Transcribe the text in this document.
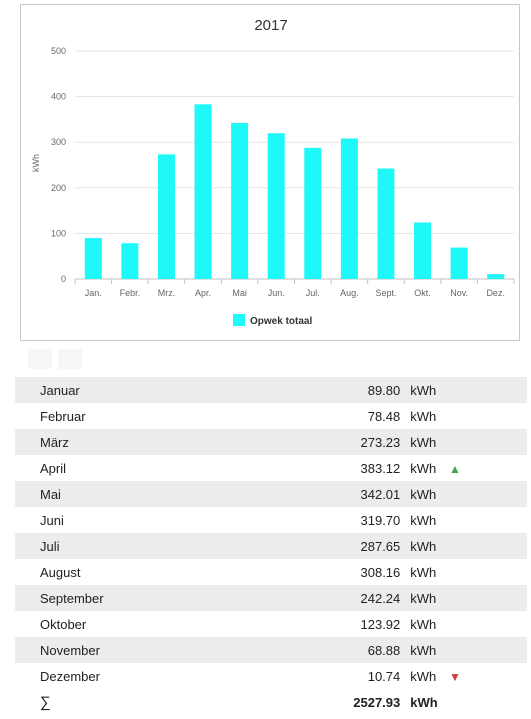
2017
kWh
0
100
200
300
400
500
Jan. Febr. Mrz. Apr. Mai Jun. Jul. Aug. Sept. Okt. Nov. Dez.
Opwek totaal
Januar	89.80	kWh	
Februar	78.48	kWh	
März	273.23	kWh	
April	383.12	kWh	▲
Mai	342.01	kWh	
Juni	319.70	kWh	
Juli	287.65	kWh	
August	308.16	kWh	
September	242.24	kWh	
Oktober	123.92	kWh	
November	68.88	kWh	
Dezember	10.74	kWh	▼
∑	2527.93	kWh	
